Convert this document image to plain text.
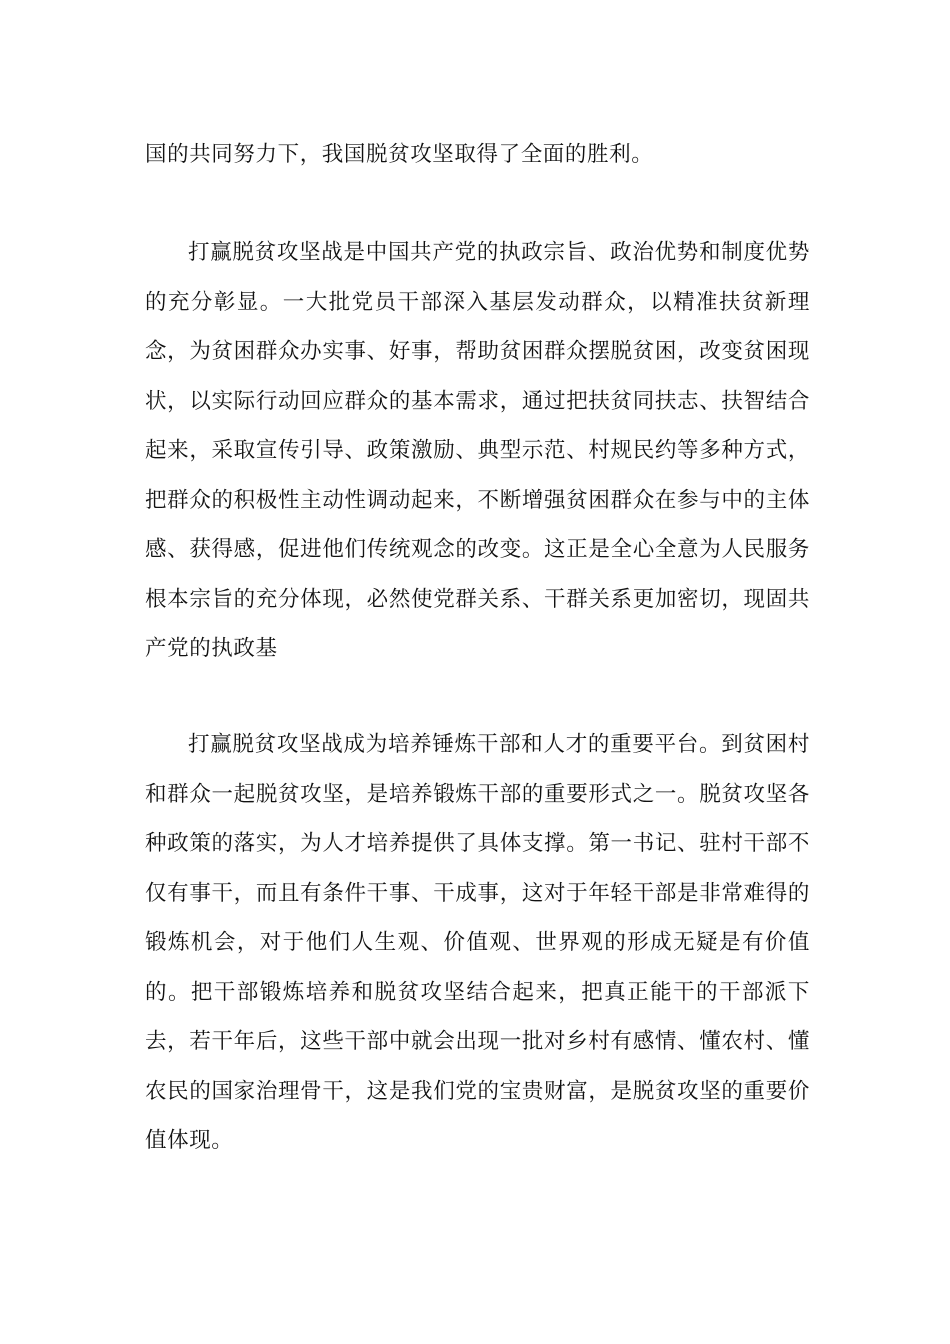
国的共同努力下，我国脱贫攻坚取得了全面的胜利。

打赢脱贫攻坚战是中国共产党的执政宗旨、政治优势和制度优势的充分彰显。一大批党员干部深入基层发动群众，以精准扶贫新理念，为贫困群众办实事、好事，帮助贫困群众摆脱贫困，改变贫困现状，以实际行动回应群众的基本需求，通过把扶贫同扶志、扶智结合起来，采取宣传引导、政策激励、典型示范、村规民约等多种方式，把群众的积极性主动性调动起来，不断增强贫困群众在参与中的主体感、获得感，促进他们传统观念的改变。这正是全心全意为人民服务根本宗旨的充分体现，必然使党群关系、干群关系更加密切，现固共产党的执政基

打赢脱贫攻坚战成为培养锤炼干部和人才的重要平台。到贫困村和群众一起脱贫攻坚，是培养锻炼干部的重要形式之一。脱贫攻坚各种政策的落实，为人才培养提供了具体支撑。第一书记、驻村干部不仅有事干，而且有条件干事、干成事，这对于年轻干部是非常难得的锻炼机会，对于他们人生观、价值观、世界观的形成无疑是有价值的。把干部锻炼培养和脱贫攻坚结合起来，把真正能干的干部派下去，若干年后，这些干部中就会出现一批对乡村有感情、懂农村、懂农民的国家治理骨干，这是我们党的宝贵财富，是脱贫攻坚的重要价值体现。
